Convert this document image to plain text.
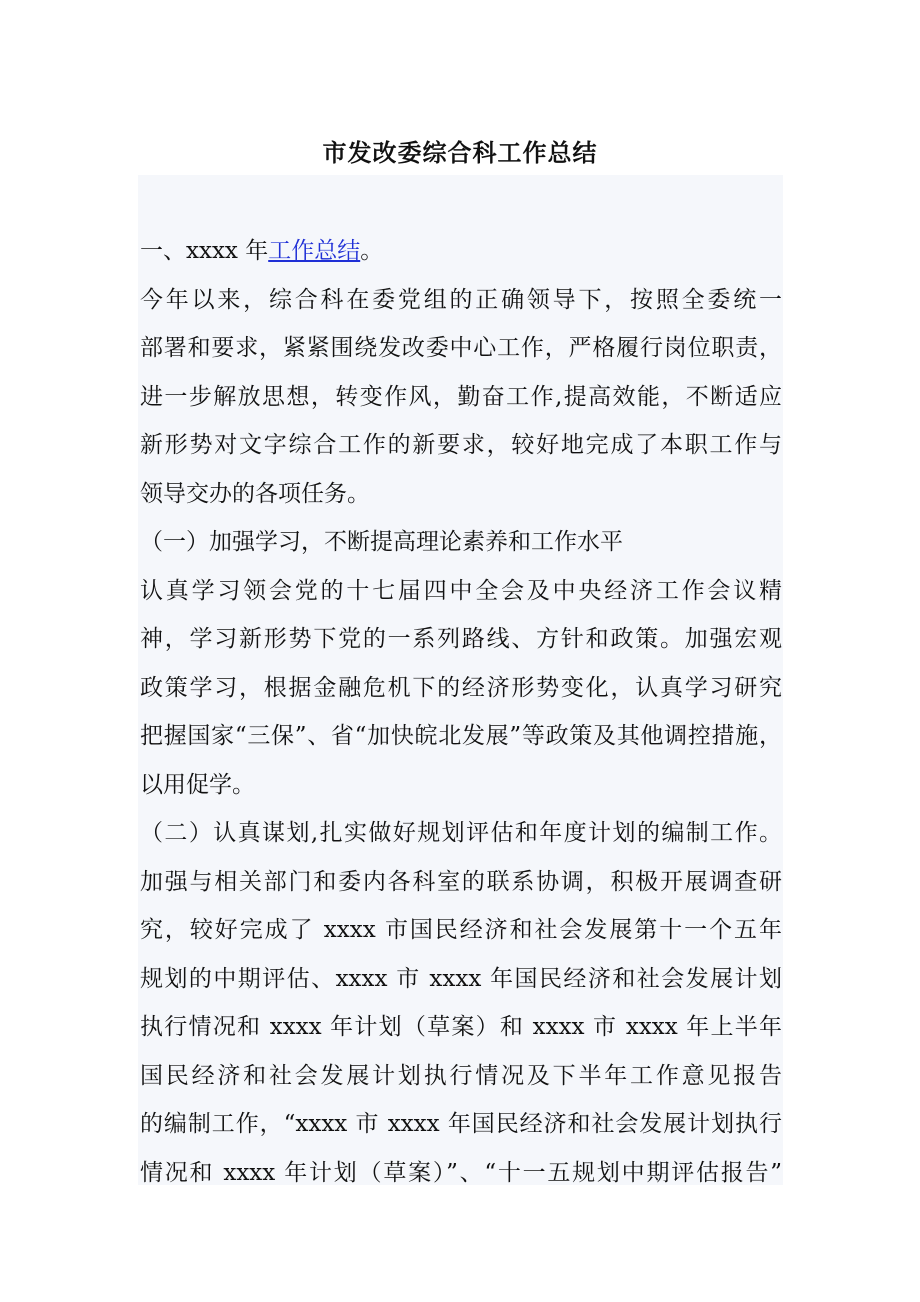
市发改委综合科工作总结
一、xxxx 年工作总结。
今年以来，综合科在委党组的正确领导下，按照全委统一
部署和要求，紧紧围绕发改委中心工作，严格履行岗位职责，
进一步解放思想，转变作风，勤奋工作,提高效能，不断适应
新形势对文字综合工作的新要求，较好地完成了本职工作与
领导交办的各项任务。
（一）加强学习，不断提高理论素养和工作水平
认真学习领会党的十七届四中全会及中央经济工作会议精
神，学习新形势下党的一系列路线、方针和政策。加强宏观
政策学习，根据金融危机下的经济形势变化，认真学习研究
把握国家“三保”、省“加快皖北发展”等政策及其他调控措施，
以用促学。
（二）认真谋划,扎实做好规划评估和年度计划的编制工作。
加强与相关部门和委内各科室的联系协调，积极开展调查研
究，较好完成了 xxxx 市国民经济和社会发展第十一个五年
规划的中期评估、xxxx 市 xxxx 年国民经济和社会发展计划
执行情况和 xxxx 年计划（草案）和 xxxx 市 xxxx 年上半年
国民经济和社会发展计划执行情况及下半年工作意见报告
的编制工作，“xxxx 市 xxxx 年国民经济和社会发展计划执行
情况和 xxxx 年计划（草案）”、“十一五规划中期评估报告”
